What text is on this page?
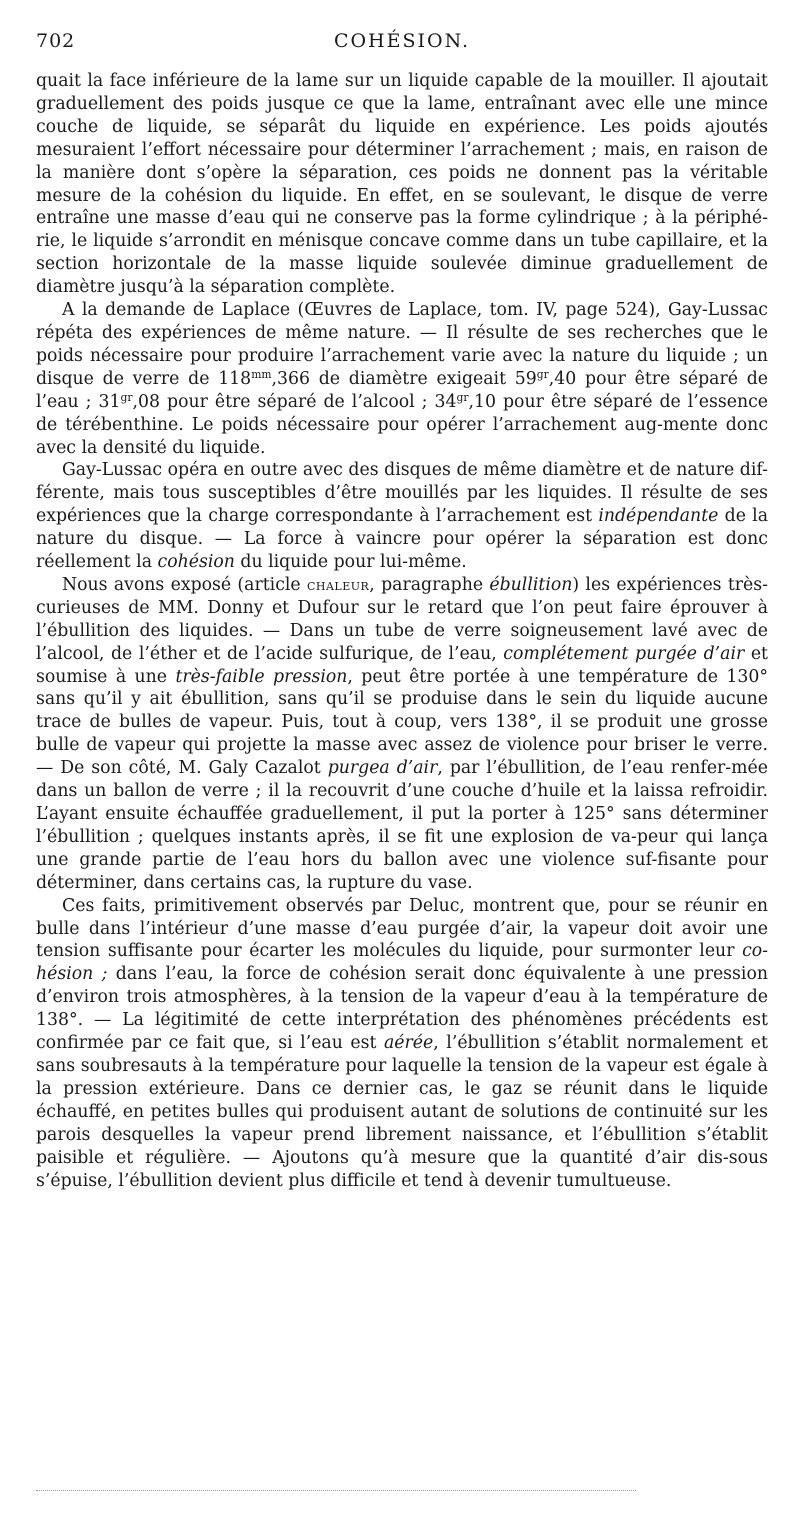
702	COHÉSION.

quait la face inférieure de la lame sur un liquide capable de la mouiller. Il ajoutait graduellement des poids jusque ce que la lame, entraînant avec elle une mince couche de liquide, se séparât du liquide en expérience. Les poids ajoutés mesuraient l’effort nécessaire pour déterminer l’arrachement ; mais, en raison de la manière dont s’opère la séparation, ces poids ne donnent pas la véritable mesure de la cohésion du liquide. En effet, en se soulevant, le disque de verre entraîne une masse d’eau qui ne conserve pas la forme cylindrique ; à la périphé-rie, le liquide s’arrondit en ménisque concave comme dans un tube capillaire, et la section horizontale de la masse liquide soulevée diminue graduellement de diamètre jusqu’à la séparation complète.

A la demande de Laplace (Œuvres de Laplace, tom. IV, page 524), Gay-Lussac répéta des expériences de même nature. — Il résulte de ses recherches que le poids nécessaire pour produire l’arrachement varie avec la nature du liquide ; un disque de verre de $118^{mm},366$ de diamètre exigeait $59^{gr},40$ pour être séparé de l’eau ; $31^{gr},08$ pour être séparé de l’alcool ; $34^{gr},10$ pour être séparé de l’essence de térébenthine. Le poids nécessaire pour opérer l’arrachement aug-mente donc avec la densité du liquide.

Gay-Lussac opéra en outre avec des disques de même diamètre et de nature dif-férente, mais tous susceptibles d’être mouillés par les liquides. Il résulte de ses expériences que la charge correspondante à l’arrachement est indépendante de la nature du disque. — La force à vaincre pour opérer la séparation est donc réellement la cohésion du liquide pour lui-même.

Nous avons exposé (article chaleur, paragraphe ébullition) les expériences très-curieuses de MM. Donny et Dufour sur le retard que l’on peut faire éprouver à l’ébullition des liquides. — Dans un tube de verre soigneusement lavé avec de l’alcool, de l’éther et de l’acide sulfurique, de l’eau, complétement purgée d’air et soumise à une très-faible pression, peut être portée à une température de 130° sans qu’il y ait ébullition, sans qu’il se produise dans le sein du liquide aucune trace de bulles de vapeur. Puis, tout à coup, vers 138°, il se produit une grosse bulle de vapeur qui projette la masse avec assez de violence pour briser le verre. — De son côté, M. Galy Cazalot purgea d’air, par l’ébullition, de l’eau renfer-mée dans un ballon de verre ; il la recouvrit d’une couche d’huile et la laissa refroidir. L’ayant ensuite échauffée graduellement, il put la porter à 125° sans déterminer l’ébullition ; quelques instants après, il se fit une explosion de va-peur qui lança une grande partie de l’eau hors du ballon avec une violence suf-fisante pour déterminer, dans certains cas, la rupture du vase.

Ces faits, primitivement observés par Deluc, montrent que, pour se réunir en bulle dans l’intérieur d’une masse d’eau purgée d’air, la vapeur doit avoir une tension suffisante pour écarter les molécules du liquide, pour surmonter leur co-hésion ; dans l’eau, la force de cohésion serait donc équivalente à une pression d’environ trois atmosphères, à la tension de la vapeur d’eau à la température de 138°. — La légitimité de cette interprétation des phénomènes précédents est confirmée par ce fait que, si l’eau est aérée, l’ébullition s’établit normalement et sans soubresauts à la température pour laquelle la tension de la vapeur est égale à la pression extérieure. Dans ce dernier cas, le gaz se réunit dans le liquide échauffé, en petites bulles qui produisent autant de solutions de continuité sur les parois desquelles la vapeur prend librement naissance, et l’ébullition s’établit paisible et régulière. — Ajoutons qu’à mesure que la quantité d’air dis-sous s’épuise, l’ébullition devient plus difficile et tend à devenir tumultueuse.
